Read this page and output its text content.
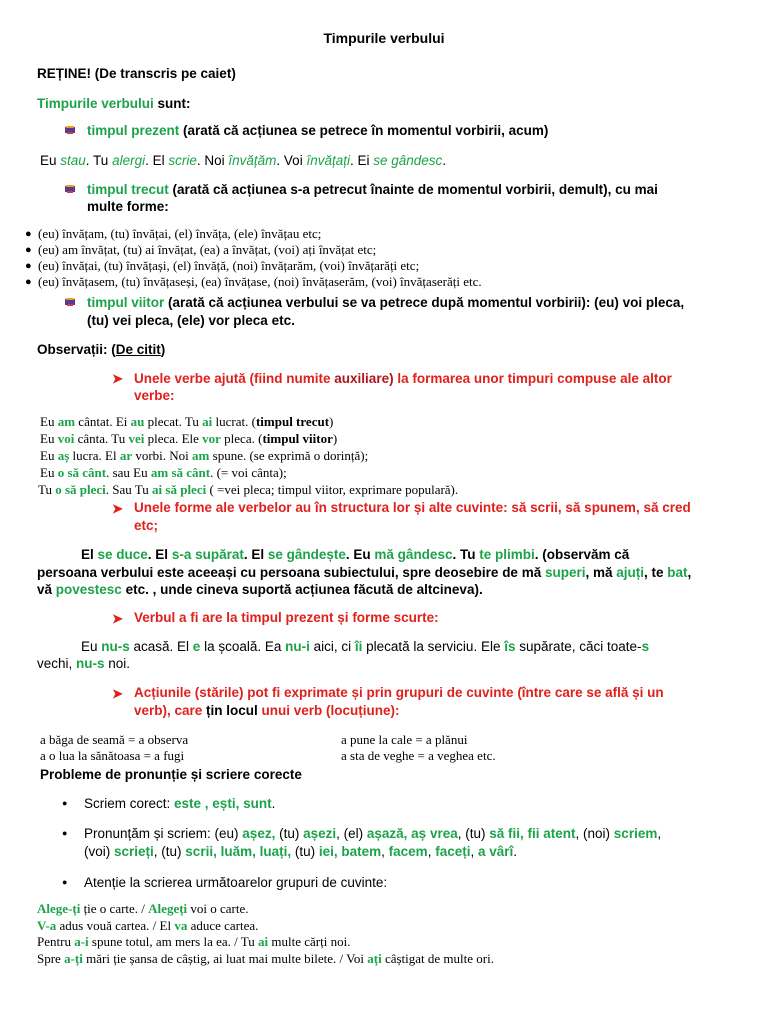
Timpurile verbului
REȚINE! (De transcris pe caiet)
Timpurile verbului sunt:
timpul prezent (arată că acțiunea se petrece în momentul vorbirii, acum)
Eu stau. Tu alergi. El scrie. Noi învățăm. Voi învățați. Ei se gândesc.
timpul trecut (arată că acțiunea s-a petrecut înainte de momentul vorbirii, demult), cu mai
multe forme:
● (eu) învățam, (tu) învățai, (el) învăța, (ele) învățau etc;
● (eu) am învățat, (tu) ai învățat, (ea) a învățat, (voi) ați învățat etc;
● (eu) învățai, (tu) învățași, (el) învăță, (noi) învățarăm, (voi) învățarăți etc;
● (eu) învățasem, (tu) învățaseși, (ea) învățase, (noi) învățaserăm, (voi) învățaserăți etc.
timpul viitor (arată că acțiunea verbului se va petrece după momentul vorbirii): (eu) voi pleca,
(tu) vei pleca, (ele) vor pleca etc.
Observații: (De citit)
➤ Unele verbe ajută (fiind numite auxiliare) la formarea unor timpuri compuse ale altor
verbe:
Eu am cântat. Ei au plecat. Tu ai lucrat. (timpul trecut)
Eu voi cânta. Tu vei pleca. Ele vor pleca. (timpul viitor)
Eu aș lucra. El ar vorbi. Noi am spune. (se exprimă o dorință);
Eu o să cânt. sau Eu am să cânt. (= voi cânta);
Tu o să pleci. Sau Tu ai să pleci ( =vei pleca; timpul viitor, exprimare populară).
➤ Unele forme ale verbelor au în structura lor și alte cuvinte: să scrii, să spunem, să cred
etc;
El se duce. El s-a supărat. El se gândește. Eu mă gândesc. Tu te plimbi. (observăm că
persoana verbului este aceeași cu persoana subiectului, spre deosebire de mă superi, mă ajuți, te bat,
vă povestesc etc. , unde cineva suportă acțiunea făcută de altcineva).
➤ Verbul a fi are la timpul prezent și forme scurte:
Eu nu-s acasă. El e la școală. Ea nu-i aici, ci îi plecată la serviciu. Ele îs supărate, căci toate-s
vechi, nu-s noi.
➤ Acțiunile (stările) pot fi exprimate și prin grupuri de cuvinte (între care se află și un
verb), care țin locul unui verb (locuțiune):
a băga de seamă = a observa	a pune la cale = a plănui
a o lua la sănătoasa = a fugi	a sta de veghe = a veghea etc.
Probleme de pronunție și scriere corecte
● Scriem corect: este , ești, sunt.
● Pronunțăm și scriem: (eu) așez, (tu) așezi, (el) așază, aș vrea, (tu) să fii, fii atent, (noi) scriem,
(voi) scrieți, (tu) scrii, luăm, luați, (tu) iei, batem, facem, faceți, a vârî.
● Atenție la scrierea următoarelor grupuri de cuvinte:
Alege-ți ție o carte. / Alegeți voi o carte.
V-a adus vouă cartea. / El va aduce cartea.
Pentru a-i spune totul, am mers la ea. / Tu ai multe cărți noi.
Spre a-ți mări ție șansa de câștig, ai luat mai multe bilete. / Voi ați câștigat de multe ori.
